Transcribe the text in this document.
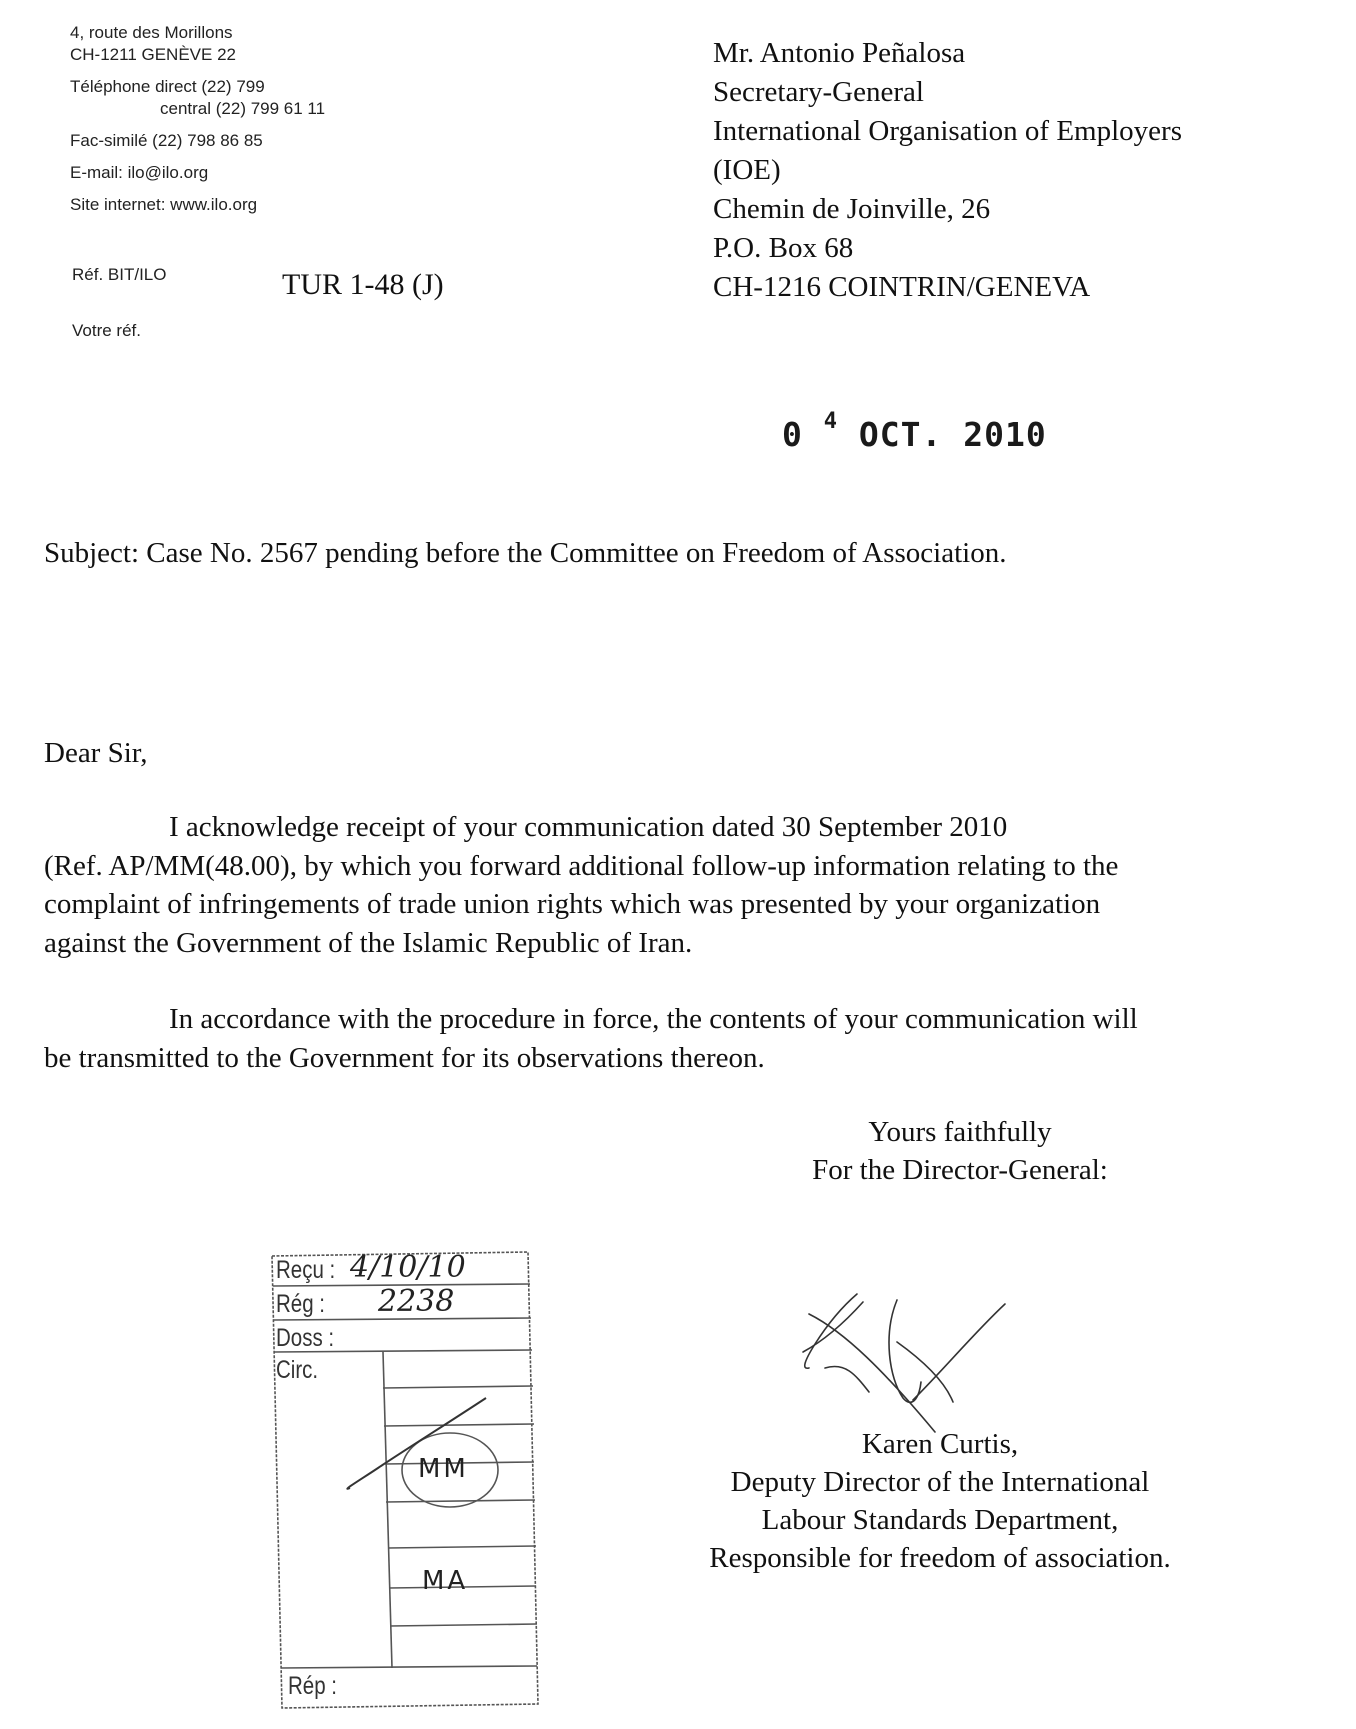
4, route des Morillons
CH-1211 GENÈVE 22
Téléphone direct (22) 799
central (22) 799 61 11
Fac-similé (22) 798 86 85
E-mail: ilo@ilo.org
Site internet: www.ilo.org
Réf. BIT/ILO	TUR 1-48 (J)
Votre réf.
Mr. Antonio Peñalosa
Secretary-General
International Organisation of Employers
(IOE)
Chemin de Joinville, 26
P.O. Box 68
CH-1216 COINTRIN/GENEVA
0 $^4$ OCT. 2010
Subject: Case No. 2567 pending before the Committee on Freedom of Association.
Dear Sir,
I acknowledge receipt of your communication dated 30 September 2010
(Ref. AP/MM(48.00), by which you forward additional follow-up information relating to the
complaint of infringements of trade union rights which was presented by your organization
against the Government of the Islamic Republic of Iran.
In accordance with the procedure in force, the contents of your communication will
be transmitted to the Government for its observations thereon.
Yours faithfully
For the Director-General:
Karen Curtis,
Deputy Director of the International
Labour Standards Department,
Responsible for freedom of association.
Reçu : 4/10/10
Rég : 2238
Doss :
Circ.
MM
MA
Rép :
